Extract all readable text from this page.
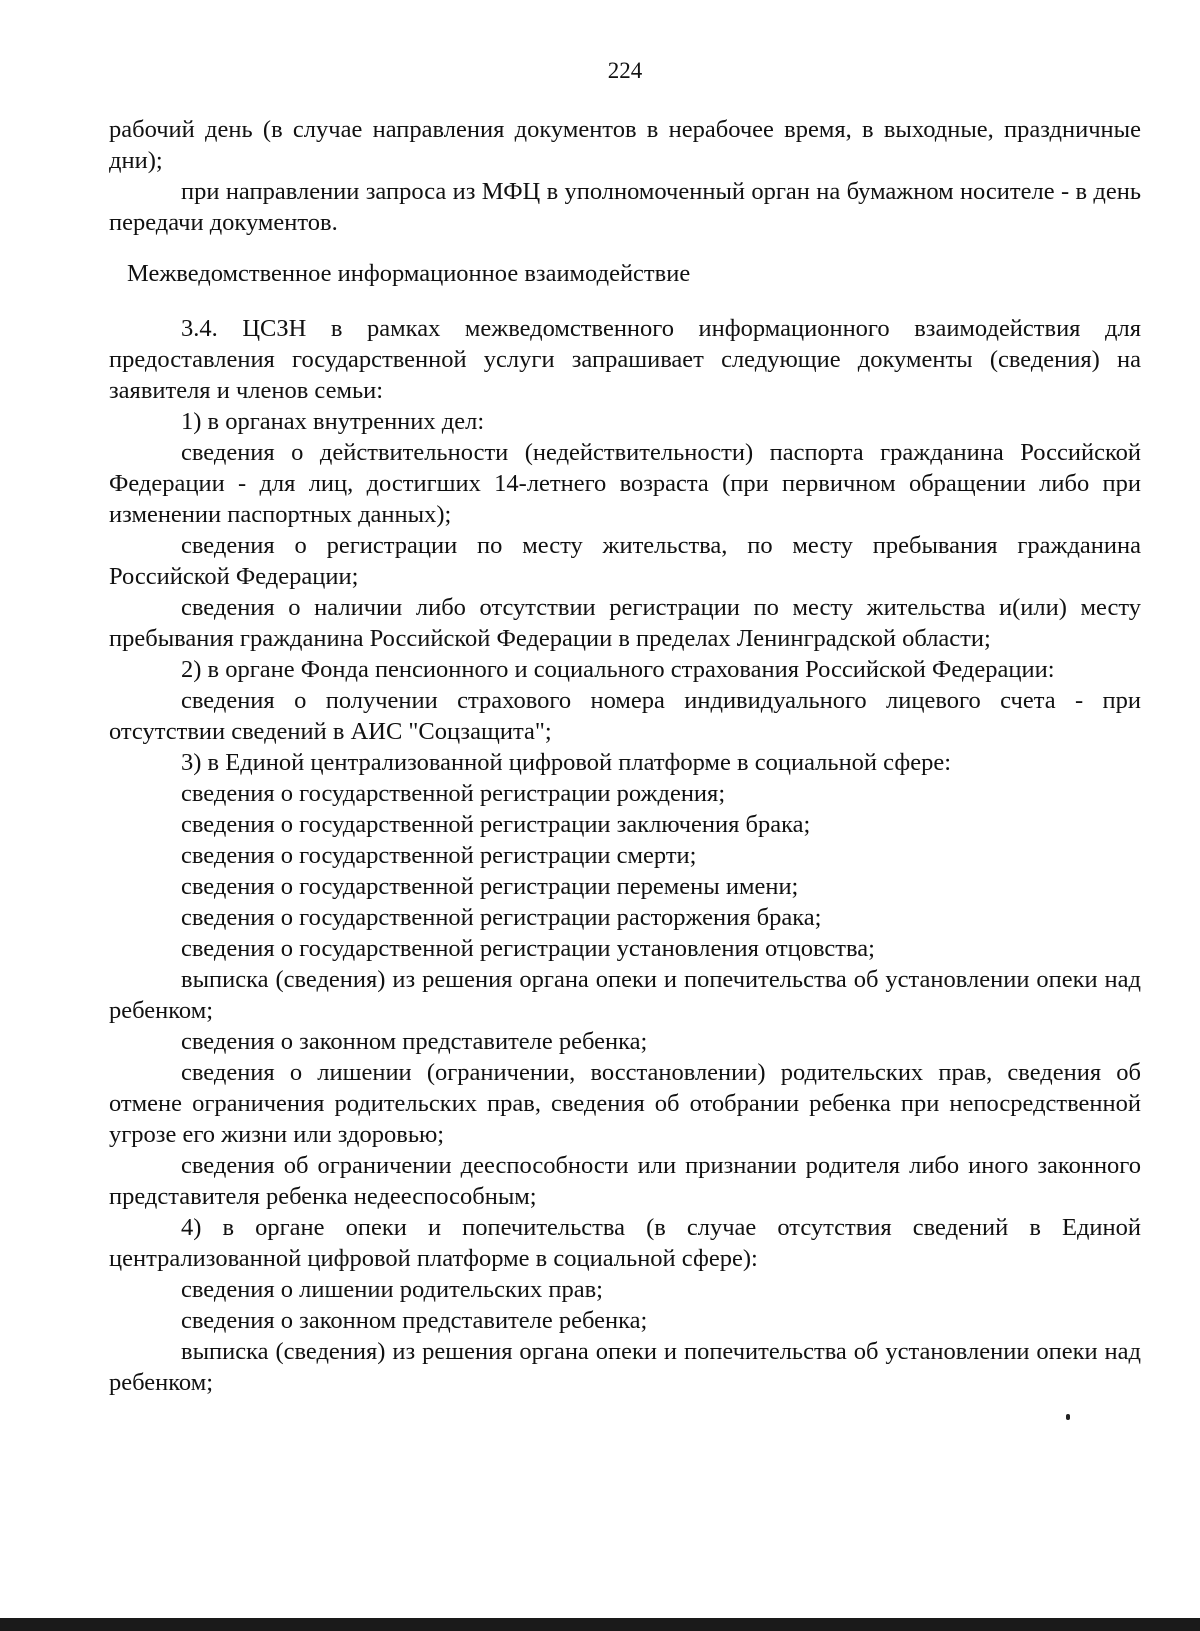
224

рабочий день (в случае направления документов в нерабочее время, в выходные, праздничные дни);

при направлении запроса из МФЦ в уполномоченный орган на бумажном носителе - в день передачи документов.

Межведомственное информационное взаимодействие

3.4. ЦСЗН в рамках межведомственного информационного взаимодействия для предоставления государственной услуги запрашивает следующие документы (сведения) на заявителя и членов семьи:

1) в органах внутренних дел:

сведения о действительности (недействительности) паспорта гражданина Российской Федерации - для лиц, достигших 14-летнего возраста (при первичном обращении либо при изменении паспортных данных);

сведения о регистрации по месту жительства, по месту пребывания гражданина Российской Федерации;

сведения о наличии либо отсутствии регистрации по месту жительства и(или) месту пребывания гражданина Российской Федерации в пределах Ленинградской области;

2) в органе Фонда пенсионного и социального страхования Российской Федерации:

сведения о получении страхового номера индивидуального лицевого счета - при отсутствии сведений в АИС "Соцзащита";

3) в Единой централизованной цифровой платформе в социальной сфере:

сведения о государственной регистрации рождения;

сведения о государственной регистрации заключения брака;

сведения о государственной регистрации смерти;

сведения о государственной регистрации перемены имени;

сведения о государственной регистрации расторжения брака;

сведения о государственной регистрации установления отцовства;

выписка (сведения) из решения органа опеки и попечительства об установлении опеки над ребенком;

сведения о законном представителе ребенка;

сведения о лишении (ограничении, восстановлении) родительских прав, сведения об отмене ограничения родительских прав, сведения об отобрании ребенка при непосредственной угрозе его жизни или здоровью;

сведения об ограничении дееспособности или признании родителя либо иного законного представителя ребенка недееспособным;

4) в органе опеки и попечительства (в случае отсутствия сведений в Единой централизованной цифровой платформе в социальной сфере):

сведения о лишении родительских прав;

сведения о законном представителе ребенка;

выписка (сведения) из решения органа опеки и попечительства об установлении опеки над ребенком;
